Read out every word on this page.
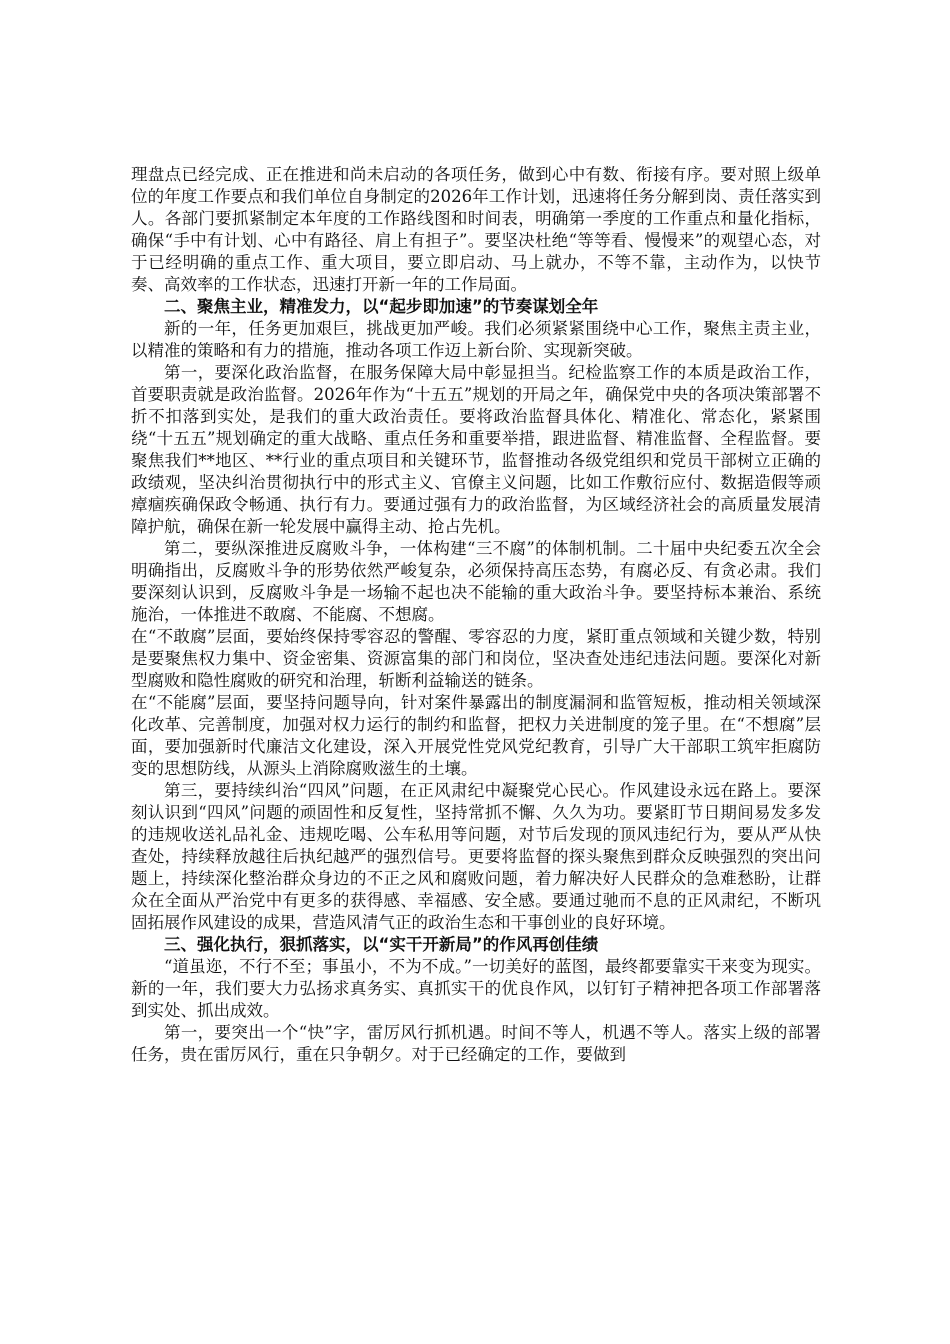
理盘点已经完成、正在推进和尚未启动的各项任务，做到心中有数、衔接有序。要对照上级单位的年度工作要点和我们单位自身制定的2026年工作计划，迅速将任务分解到岗、责任落实到人。各部门要抓紧制定本年度的工作路线图和时间表，明确第一季度的工作重点和量化指标，确保“手中有计划、心中有路径、肩上有担子”。要坚决杜绝“等等看、慢慢来”的观望心态，对于已经明确的重点工作、重大项目，要立即启动、马上就办，不等不靠，主动作为，以快节奏、高效率的工作状态，迅速打开新一年的工作局面。

二、聚焦主业，精准发力，以“起步即加速”的节奏谋划全年

新的一年，任务更加艰巨，挑战更加严峻。我们必须紧紧围绕中心工作，聚焦主责主业，以精准的策略和有力的措施，推动各项工作迈上新台阶、实现新突破。

第一，要深化政治监督，在服务保障大局中彰显担当。纪检监察工作的本质是政治工作，首要职责就是政治监督。2026年作为“十五五”规划的开局之年，确保党中央的各项决策部署不折不扣落到实处，是我们的重大政治责任。要将政治监督具体化、精准化、常态化，紧紧围绕“十五五”规划确定的重大战略、重点任务和重要举措，跟进监督、精准监督、全程监督。要聚焦我们**地区、**行业的重点项目和关键环节，监督推动各级党组织和党员干部树立正确的政绩观，坚决纠治贯彻执行中的形式主义、官僚主义问题，比如工作敷衍应付、数据造假等顽瘴痼疾确保政令畅通、执行有力。要通过强有力的政治监督，为区域经济社会的高质量发展清障护航，确保在新一轮发展中赢得主动、抢占先机。

第二，要纵深推进反腐败斗争，一体构建“三不腐”的体制机制。二十届中央纪委五次全会明确指出，反腐败斗争的形势依然严峻复杂，必须保持高压态势，有腐必反、有贪必肃。我们要深刻认识到，反腐败斗争是一场输不起也决不能输的重大政治斗争。要坚持标本兼治、系统施治，一体推进不敢腐、不能腐、不想腐。

在“不敢腐”层面，要始终保持零容忍的警醒、零容忍的力度，紧盯重点领域和关键少数，特别是要聚焦权力集中、资金密集、资源富集的部门和岗位，坚决查处违纪违法问题。要深化对新型腐败和隐性腐败的研究和治理，斩断利益输送的链条。

在“不能腐”层面，要坚持问题导向，针对案件暴露出的制度漏洞和监管短板，推动相关领域深化改革、完善制度，加强对权力运行的制约和监督，把权力关进制度的笼子里。在“不想腐”层面，要加强新时代廉洁文化建设，深入开展党性党风党纪教育，引导广大干部职工筑牢拒腐防变的思想防线，从源头上消除腐败滋生的土壤。

第三，要持续纠治“四风”问题，在正风肃纪中凝聚党心民心。作风建设永远在路上。要深刻认识到“四风”问题的顽固性和反复性，坚持常抓不懈、久久为功。要紧盯节日期间易发多发的违规收送礼品礼金、违规吃喝、公车私用等问题，对节后发现的顶风违纪行为，要从严从快查处，持续释放越往后执纪越严的强烈信号。更要将监督的探头聚焦到群众反映强烈的突出问题上，持续深化整治群众身边的不正之风和腐败问题，着力解决好人民群众的急难愁盼，让群众在全面从严治党中有更多的获得感、幸福感、安全感。要通过驰而不息的正风肃纪，不断巩固拓展作风建设的成果，营造风清气正的政治生态和干事创业的良好环境。

三、强化执行，狠抓落实，以“实干开新局”的作风再创佳绩

“道虽迩，不行不至；事虽小，不为不成。”一切美好的蓝图，最终都要靠实干来变为现实。新的一年，我们要大力弘扬求真务实、真抓实干的优良作风，以钉钉子精神把各项工作部署落到实处、抓出成效。

第一，要突出一个“快”字，雷厉风行抓机遇。时间不等人，机遇不等人。落实上级的部署任务，贵在雷厉风行，重在只争朝夕。对于已经确定的工作，要做到
